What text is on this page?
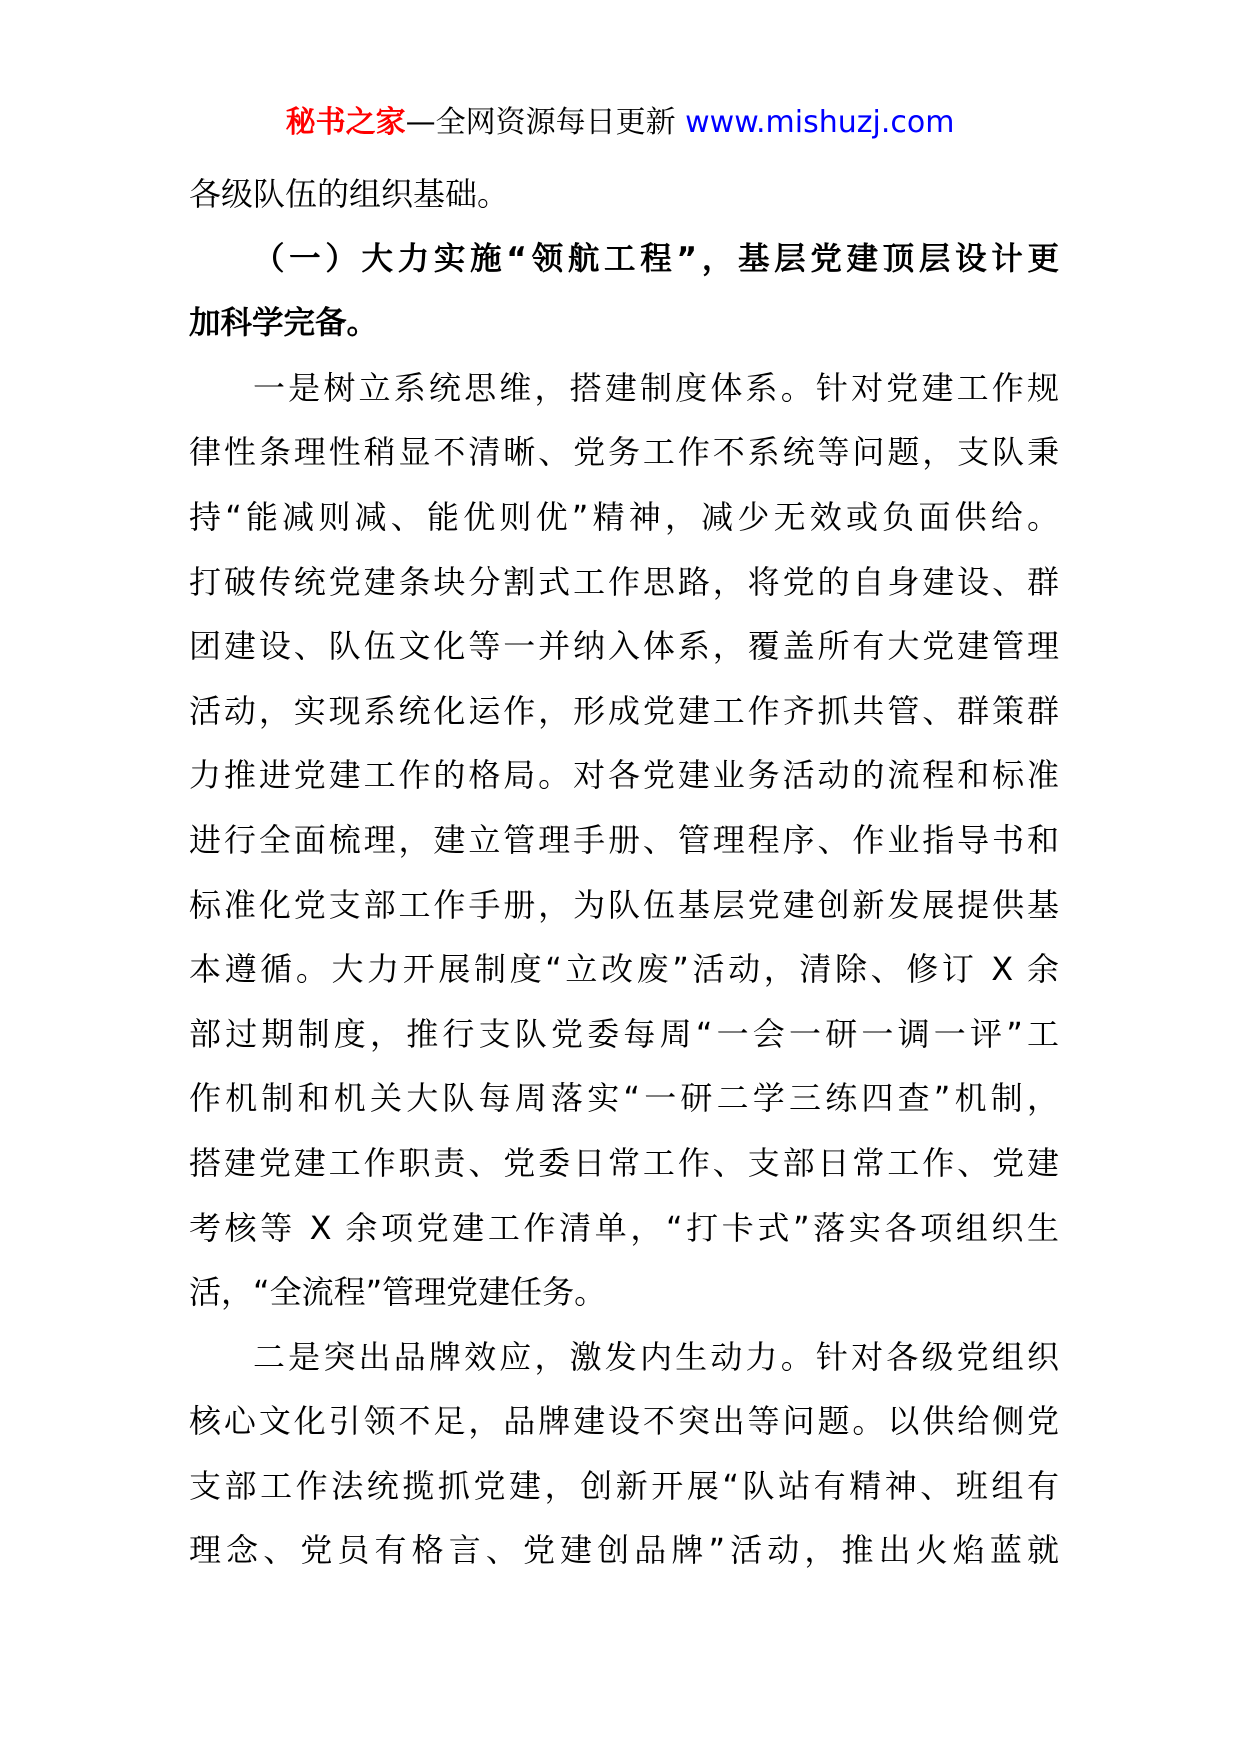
秘书之家—全网资源每日更新 www.mishuzj.com
各级队伍的组织基础。
（一）大力实施“领航工程”，基层党建顶层设计更
加科学完备。
一是树立系统思维，搭建制度体系。针对党建工作规
律性条理性稍显不清晰、党务工作不系统等问题，支队秉
持“能减则减、能优则优”精神，减少无效或负面供给。
打破传统党建条块分割式工作思路，将党的自身建设、群
团建设、队伍文化等一并纳入体系，覆盖所有大党建管理
活动，实现系统化运作，形成党建工作齐抓共管、群策群
力推进党建工作的格局。对各党建业务活动的流程和标准
进行全面梳理，建立管理手册、管理程序、作业指导书和
标准化党支部工作手册，为队伍基层党建创新发展提供基
本遵循。大力开展制度“立改废”活动，清除、修订 X 余
部过期制度，推行支队党委每周“一会一研一调一评”工
作机制和机关大队每周落实“一研二学三练四查”机制，
搭建党建工作职责、党委日常工作、支部日常工作、党建
考核等 X 余项党建工作清单，“打卡式”落实各项组织生
活，“全流程”管理党建任务。
二是突出品牌效应，激发内生动力。针对各级党组织
核心文化引领不足，品牌建设不突出等问题。以供给侧党
支部工作法统揽抓党建，创新开展“队站有精神、班组有
理念、党员有格言、党建创品牌”活动，推出火焰蓝就
